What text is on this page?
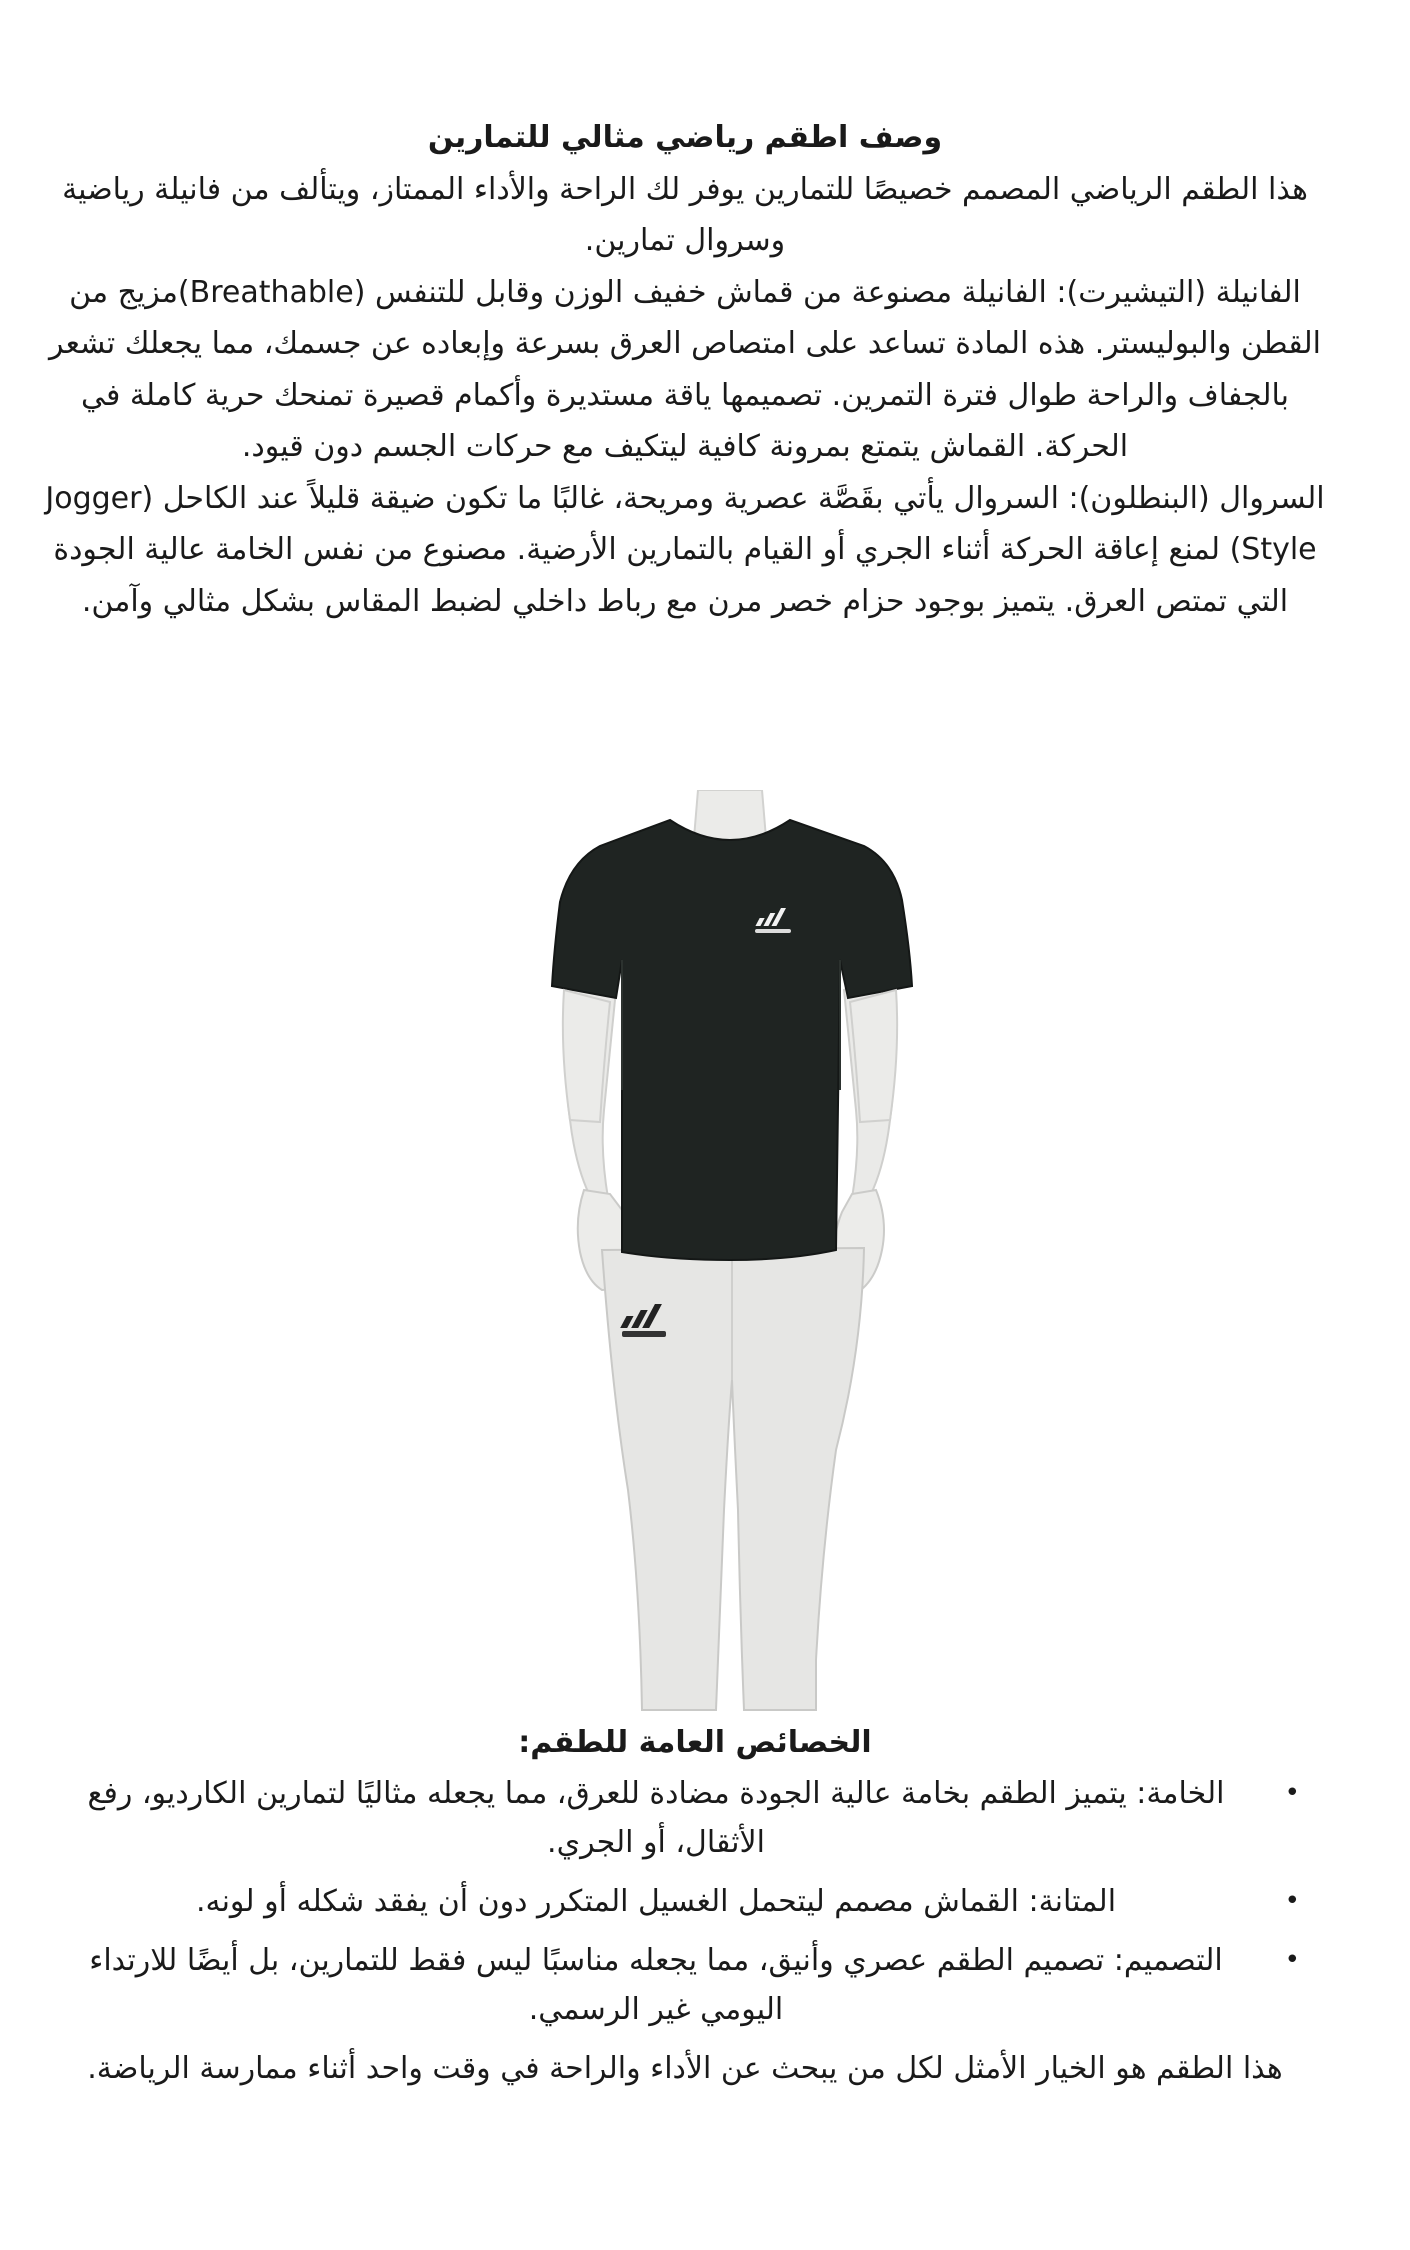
وصف اطقم رياضي مثالي للتمارين

هذا الطقم الرياضي المصمم خصيصًا للتمارين يوفر لك الراحة والأداء الممتاز، ويتألف من فانيلة رياضية وسروال تمارين.

الفانيلة (التيشيرت): الفانيلة مصنوعة من قماش خفيف الوزن وقابل للتنفس (Breathable)مزيج من القطن والبوليستر. هذه المادة تساعد على امتصاص العرق بسرعة وإبعاده عن جسمك، مما يجعلك تشعر بالجفاف والراحة طوال فترة التمرين. تصميمها ياقة مستديرة وأكمام قصيرة تمنحك حرية كاملة في الحركة. القماش يتمتع بمرونة كافية ليتكيف مع حركات الجسم دون قيود.

السروال (البنطلون): السروال يأتي بقَصَّة عصرية ومريحة، غالبًا ما تكون ضيقة قليلاً عند الكاحل (Jogger Style) لمنع إعاقة الحركة أثناء الجري أو القيام بالتمارين الأرضية. مصنوع من نفس الخامة عالية الجودة التي تمتص العرق. يتميز بوجود حزام خصر مرن مع رباط داخلي لضبط المقاس بشكل مثالي وآمن.

الخصائص العامة للطقم:

•
الخامة: يتميز الطقم بخامة عالية الجودة مضادة للعرق، مما يجعله مثاليًا لتمارين الكارديو، رفع الأثقال، أو الجري.
•
المتانة: القماش مصمم ليتحمل الغسيل المتكرر دون أن يفقد شكله أو لونه.
•
التصميم: تصميم الطقم عصري وأنيق، مما يجعله مناسبًا ليس فقط للتمارين، بل أيضًا للارتداء اليومي غير الرسمي.

هذا الطقم هو الخيار الأمثل لكل من يبحث عن الأداء والراحة في وقت واحد أثناء ممارسة الرياضة.
